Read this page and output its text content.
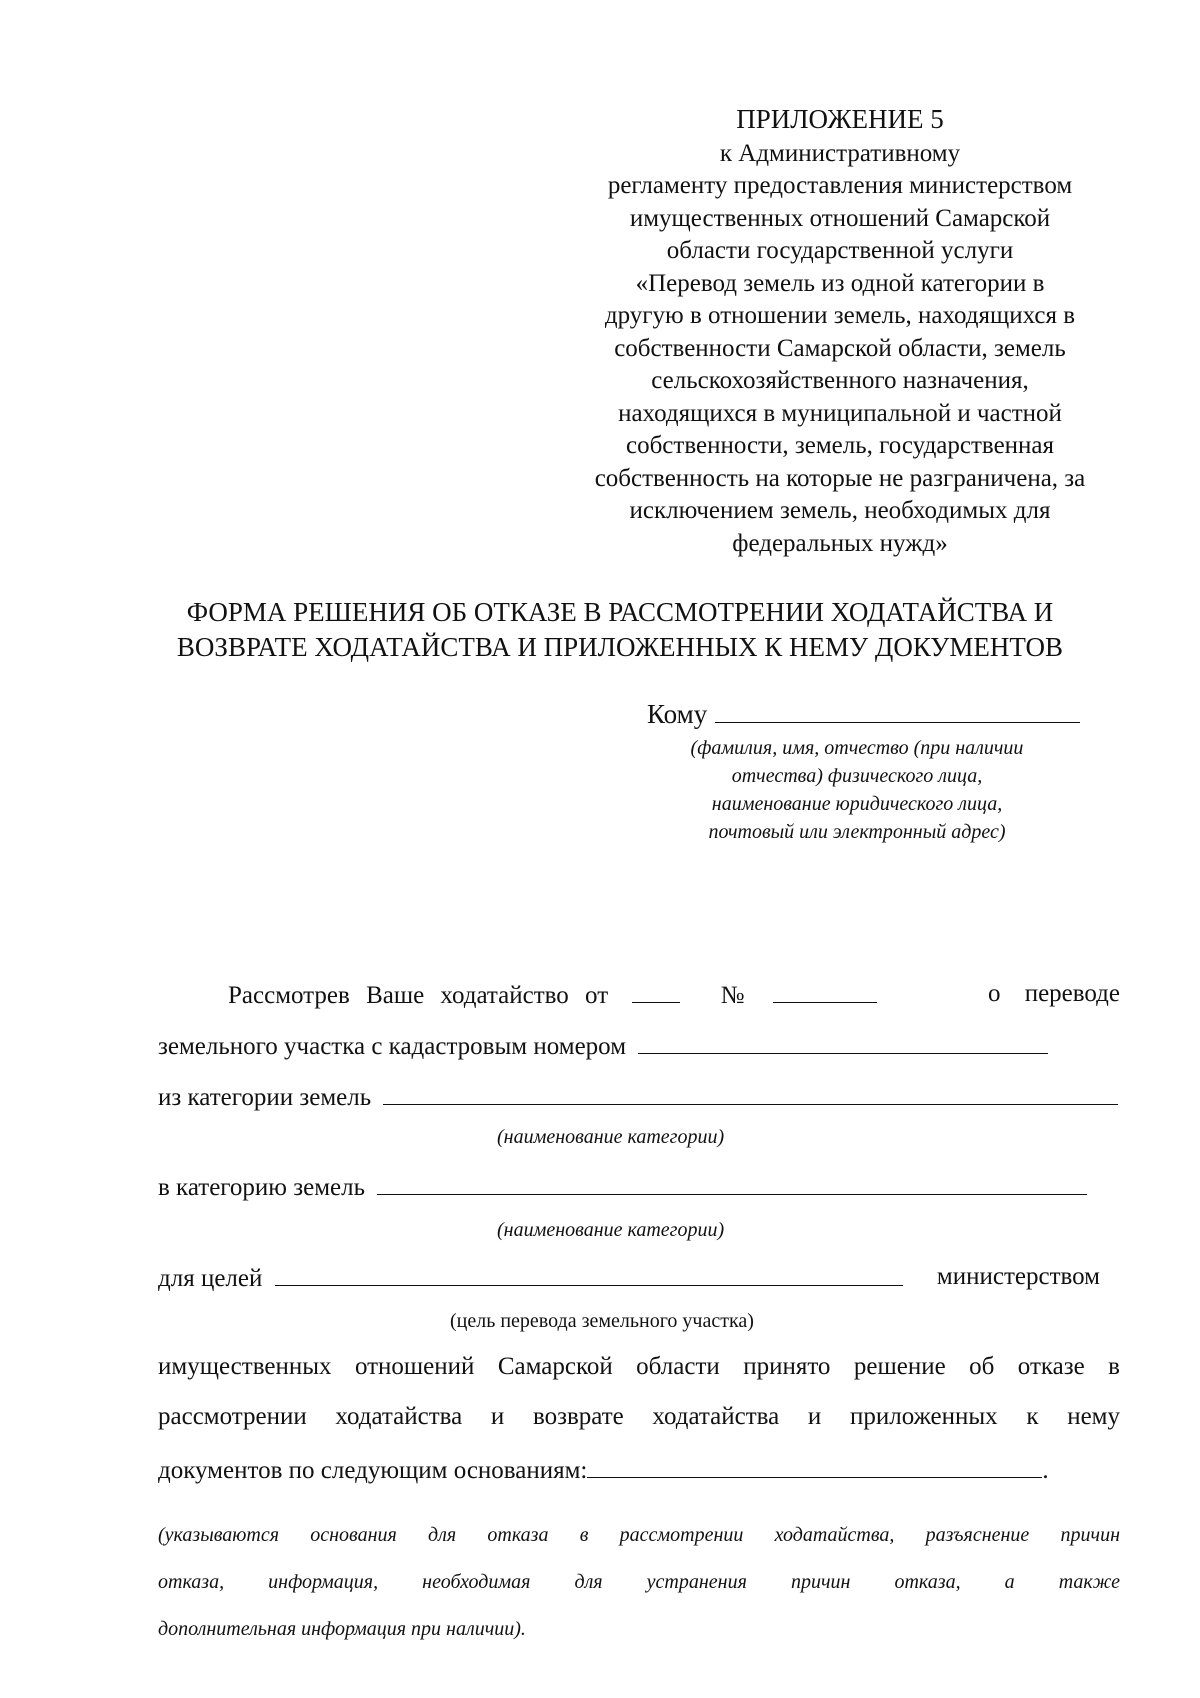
ПРИЛОЖЕНИЕ 5
к Административному
регламенту предоставления министерством
имущественных отношений Самарской
области государственной услуги
«Перевод земель из одной категории в
другую в отношении земель, находящихся в
собственности Самарской области, земель
сельскохозяйственного назначения,
находящихся в муниципальной и частной
собственности, земель, государственная
собственность на которые не разграничена, за
исключением земель, необходимых для
федеральных нужд»
ФОРМА РЕШЕНИЯ ОБ ОТКАЗЕ В РАССМОТРЕНИИ ХОДАТАЙСТВА И
ВОЗВРАТЕ ХОДАТАЙСТВА И ПРИЛОЖЕННЫХ К НЕМУ ДОКУМЕНТОВ
Кому
(фамилия, имя, отчество (при наличии
отчества) физического лица,
наименование юридического лица,
почтовый или электронный адрес)
Рассмотрев Ваше ходатайство от	№	о переводе
земельного участка с кадастровым номером
из категории земель
(наименование категории)
в категорию земель
(наименование категории)
для целей	министерством
(цель перевода земельного участка)
имущественных отношений Самарской области принято решение об отказе в
рассмотрении ходатайства и возврате ходатайства и приложенных к нему
документов по следующим основаниям:	.
(указываются основания для отказа в рассмотрении ходатайства, разъяснение причин
отказа, информация, необходимая для устранения причин отказа, а также
дополнительная информация при наличии).
